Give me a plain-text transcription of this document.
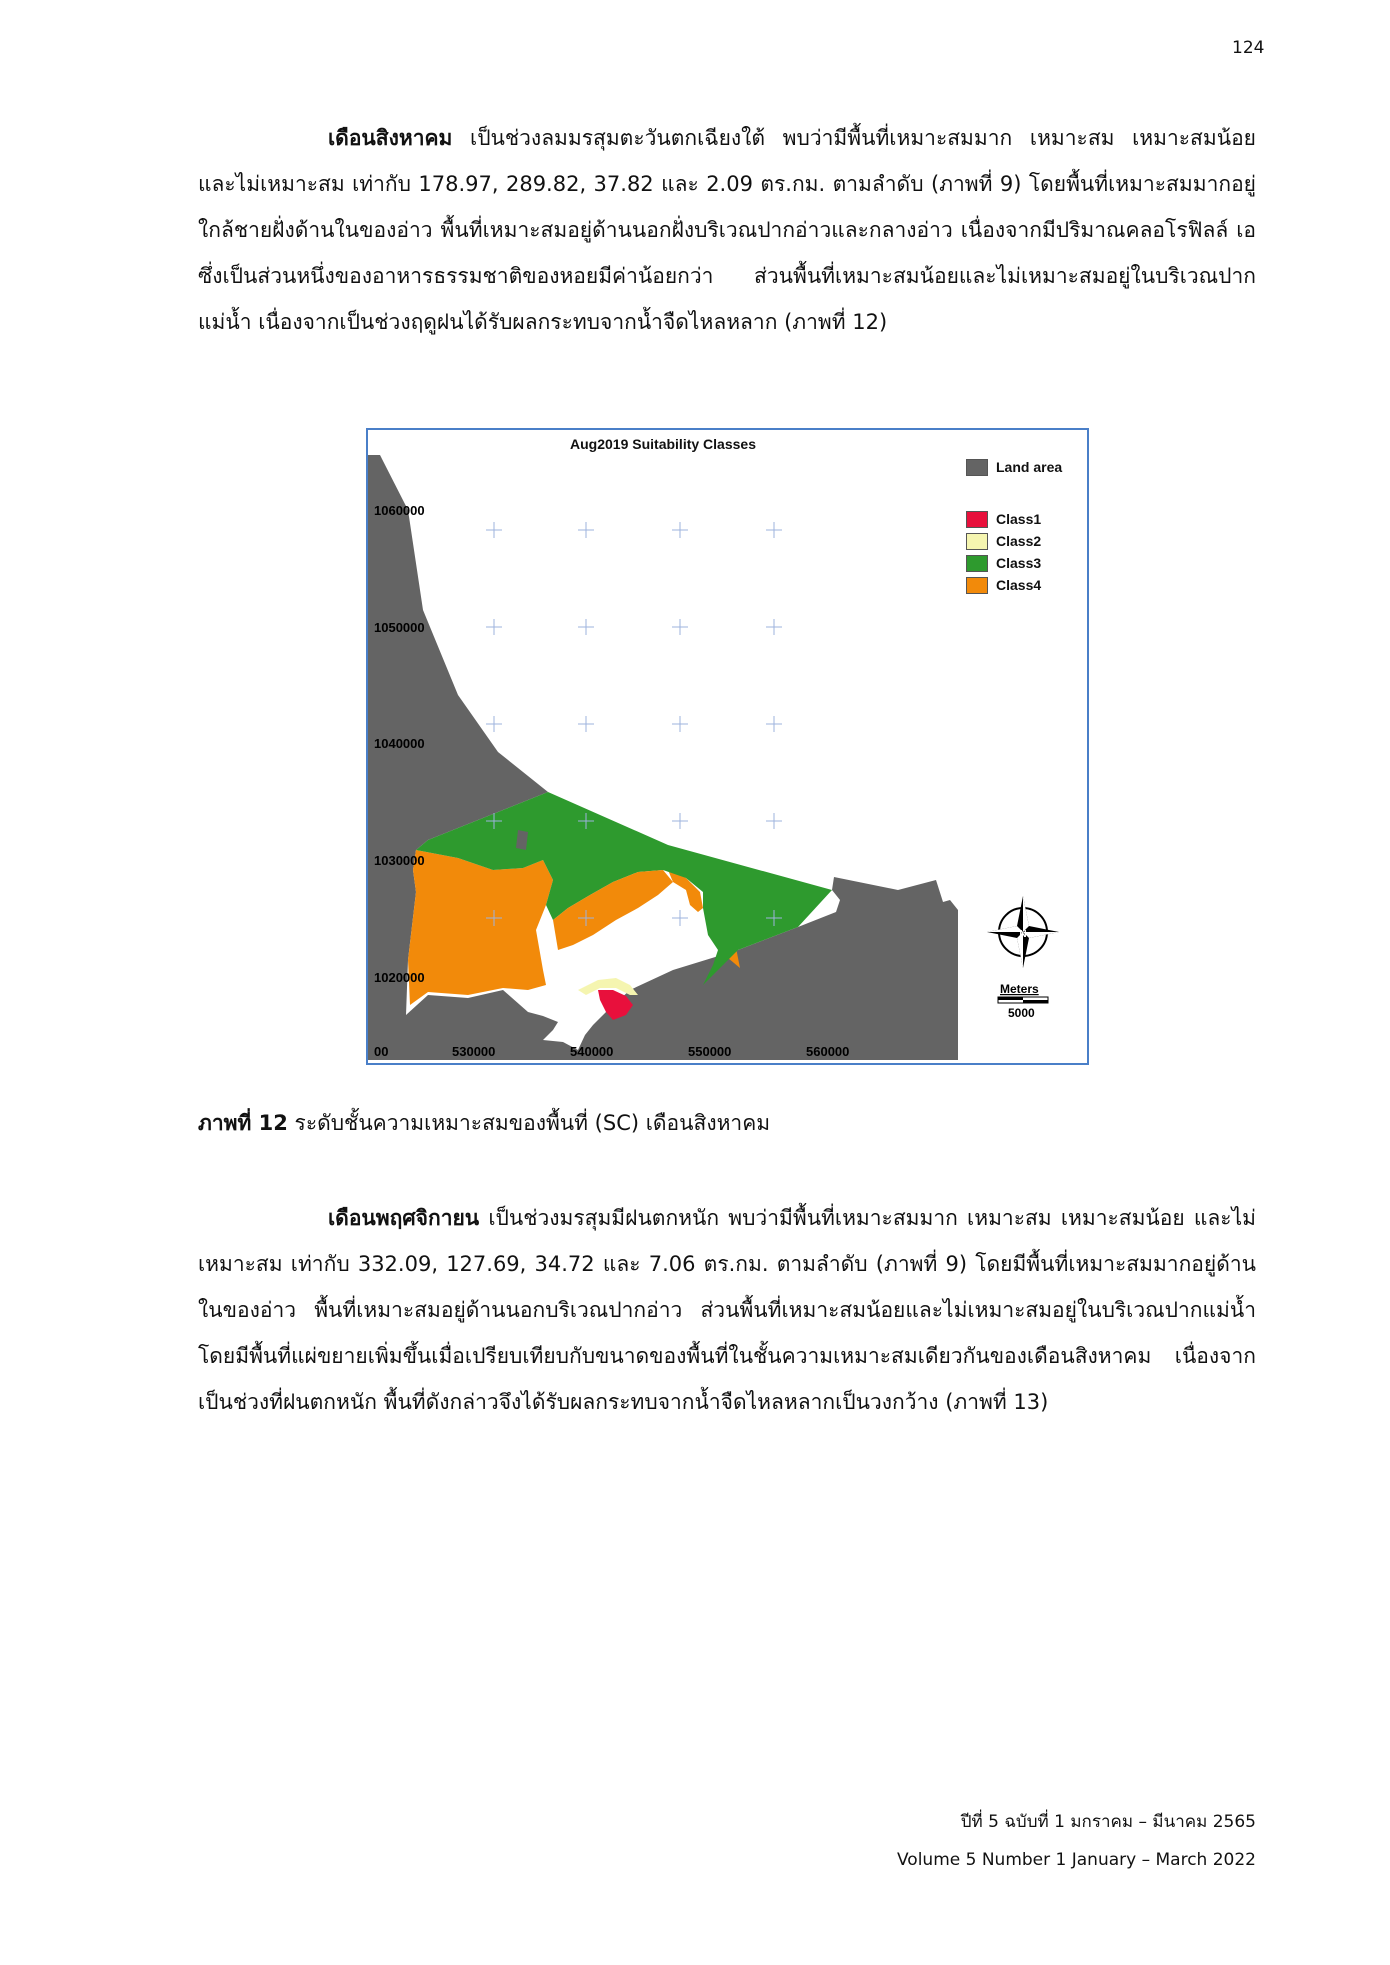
124

เดือนสิงหาคม เป็นช่วงลมมรสุมตะวันตกเฉียงใต้ พบว่ามีพื้นที่เหมาะสมมาก เหมาะสม เหมาะสมน้อย และไม่เหมาะสม เท่ากับ 178.97, 289.82, 37.82 และ 2.09 ตร.กม. ตามลำดับ (ภาพที่ 9) โดยพื้นที่เหมาะสมมากอยู่ใกล้ชายฝั่งด้านในของอ่าว พื้นที่เหมาะสมอยู่ด้านนอกฝั่งบริเวณปากอ่าวและกลางอ่าว เนื่องจากมีปริมาณคลอโรฟิลล์ เอ ซึ่งเป็นส่วนหนึ่งของอาหารธรรมชาติของหอยมีค่าน้อยกว่า ส่วนพื้นที่เหมาะสมน้อยและไม่เหมาะสมอยู่ในบริเวณปากแม่น้ำ เนื่องจากเป็นช่วงฤดูฝนได้รับผลกระทบจากน้ำจืดไหลหลาก (ภาพที่ 12)

Aug2019 Suitability Classes
1060000
1050000
1040000
1030000
1020000
00	530000	540000	550000	560000
N
Meters
5000
Land area
Class1
Class2
Class3
Class4
ภาพที่ 12 ระดับชั้นความเหมาะสมของพื้นที่ (SC) เดือนสิงหาคม

เดือนพฤศจิกายน เป็นช่วงมรสุมมีฝนตกหนัก พบว่ามีพื้นที่เหมาะสมมาก เหมาะสม เหมาะสมน้อย และไม่เหมาะสม เท่ากับ 332.09, 127.69, 34.72 และ 7.06 ตร.กม. ตามลำดับ (ภาพที่ 9) โดยมีพื้นที่เหมาะสมมากอยู่ด้านในของอ่าว พื้นที่เหมาะสมอยู่ด้านนอกบริเวณปากอ่าว ส่วนพื้นที่เหมาะสมน้อยและไม่เหมาะสมอยู่ในบริเวณปากแม่น้ำ โดยมีพื้นที่แผ่ขยายเพิ่มขึ้นเมื่อเปรียบเทียบกับขนาดของพื้นที่ในชั้นความเหมาะสมเดียวกันของเดือนสิงหาคม เนื่องจากเป็นช่วงที่ฝนตกหนัก พื้นที่ดังกล่าวจึงได้รับผลกระทบจากน้ำจืดไหลหลากเป็นวงกว้าง (ภาพที่ 13)

ปีที่ 5 ฉบับที่ 1 มกราคม – มีนาคม 2565
Volume 5 Number 1 January – March 2022
